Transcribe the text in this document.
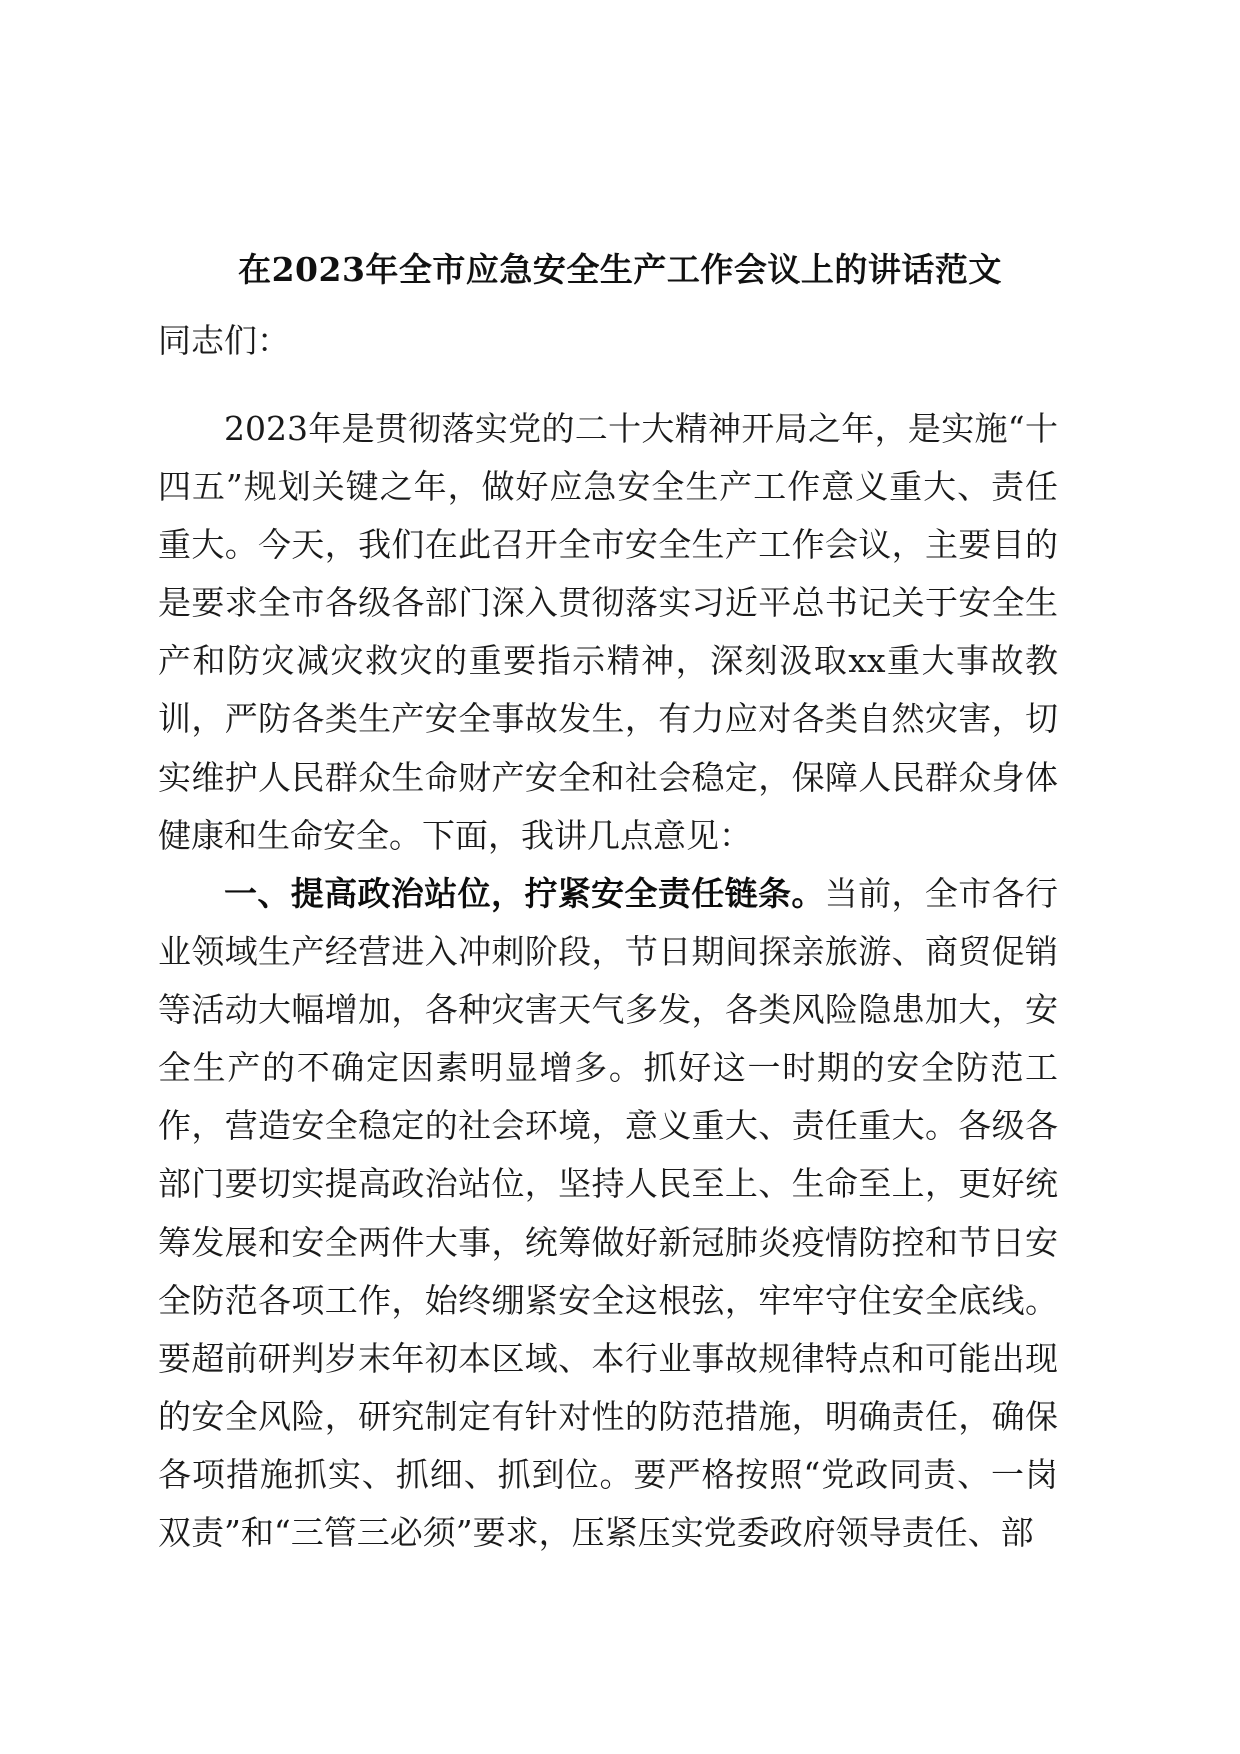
在2023年全市应急安全生产工作会议上的讲话范文
同志们：

2023年是贯彻落实党的二十大精神开局之年，是实施“十四五”规划关键之年，做好应急安全生产工作意义重大、责任重大。今天，我们在此召开全市安全生产工作会议，主要目的是要求全市各级各部门深入贯彻落实习近平总书记关于安全生产和防灾减灾救灾的重要指示精神，深刻汲取xx重大事故教训，严防各类生产安全事故发生，有力应对各类自然灾害，切实维护人民群众生命财产安全和社会稳定，保障人民群众身体健康和生命安全。下面，我讲几点意见：

一、提高政治站位，拧紧安全责任链条。当前，全市各行业领域生产经营进入冲刺阶段，节日期间探亲旅游、商贸促销等活动大幅增加，各种灾害天气多发，各类风险隐患加大，安全生产的不确定因素明显增多。抓好这一时期的安全防范工作，营造安全稳定的社会环境，意义重大、责任重大。各级各部门要切实提高政治站位，坚持人民至上、生命至上，更好统筹发展和安全两件大事，统筹做好新冠肺炎疫情防控和节日安全防范各项工作，始终绷紧安全这根弦，牢牢守住安全底线。要超前研判岁末年初本区域、本行业事故规律特点和可能出现的安全风险，研究制定有针对性的防范措施，明确责任，确保各项措施抓实、抓细、抓到位。要严格按照“党政同责、一岗双责”和“三管三必须”要求，压紧压实党委政府领导责任、部
